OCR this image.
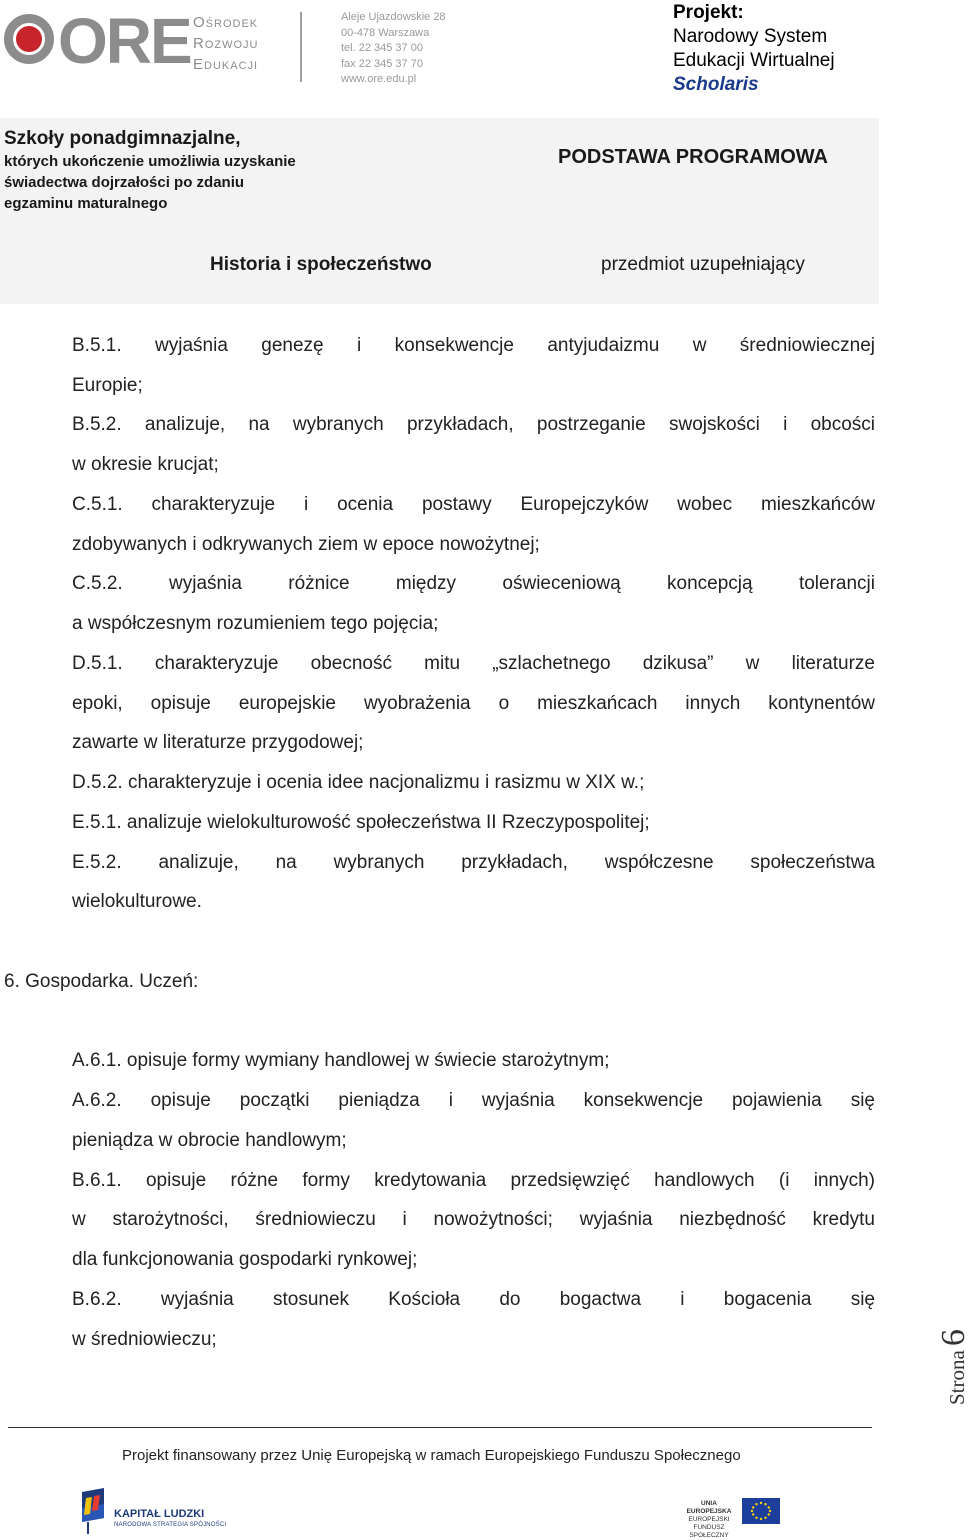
ORE Ośrodek
Rozwoju
Edukacji
Aleje Ujazdowskie 28
00-478 Warszawa
tel. 22 345 37 00
fax 22 345 37 70
www.ore.edu.pl
Projekt:
Narodowy System
Edukacji Wirtualnej
Scholaris
Szkoły ponadgimnazjalne,
których ukończenie umożliwia uzyskanie świadectwa dojrzałości po zdaniu egzaminu maturalnego
PODSTAWA PROGRAMOWA
Historia i społeczeństwo	przedmiot uzupełniający
B.5.1. wyjaśnia genezę i konsekwencje antyjudaizmu w średniowiecznej
Europie;
B.5.2. analizuje, na wybranych przykładach, postrzeganie swojskości i obcości
w okresie krucjat;
C.5.1. charakteryzuje i ocenia postawy Europejczyków wobec mieszkańców
zdobywanych i odkrywanych ziem w epoce nowożytnej;
C.5.2. wyjaśnia różnice między oświeceniową koncepcją tolerancji
a współczesnym rozumieniem tego pojęcia;
D.5.1. charakteryzuje obecność mitu „szlachetnego dzikusa” w literaturze
epoki, opisuje europejskie wyobrażenia o mieszkańcach innych kontynentów
zawarte w literaturze przygodowej;
D.5.2. charakteryzuje i ocenia idee nacjonalizmu i rasizmu w XIX w.;
E.5.1. analizuje wielokulturowość społeczeństwa II Rzeczypospolitej;
E.5.2. analizuje, na wybranych przykładach, współczesne społeczeństwa
wielokulturowe.
6. Gospodarka. Uczeń:
A.6.1. opisuje formy wymiany handlowej w świecie starożytnym;
A.6.2. opisuje początki pieniądza i wyjaśnia konsekwencje pojawienia się
pieniądza w obrocie handlowym;
B.6.1. opisuje różne formy kredytowania przedsięwzięć handlowych (i innych)
w starożytności, średniowieczu i nowożytności; wyjaśnia niezbędność kredytu
dla funkcjonowania gospodarki rynkowej;
B.6.2. wyjaśnia stosunek Kościoła do bogactwa i bogacenia się
w średniowieczu;
Strona6
Projekt finansowany przez Unię Europejską w ramach Europejskiego Funduszu Społecznego
KAPITAŁ LUDZKI
NARODOWA STRATEGIA SPÓJNOŚCI
UNIA EUROPEJSKA
EUROPEJSKI
FUNDUSZ SPOŁECZNY
